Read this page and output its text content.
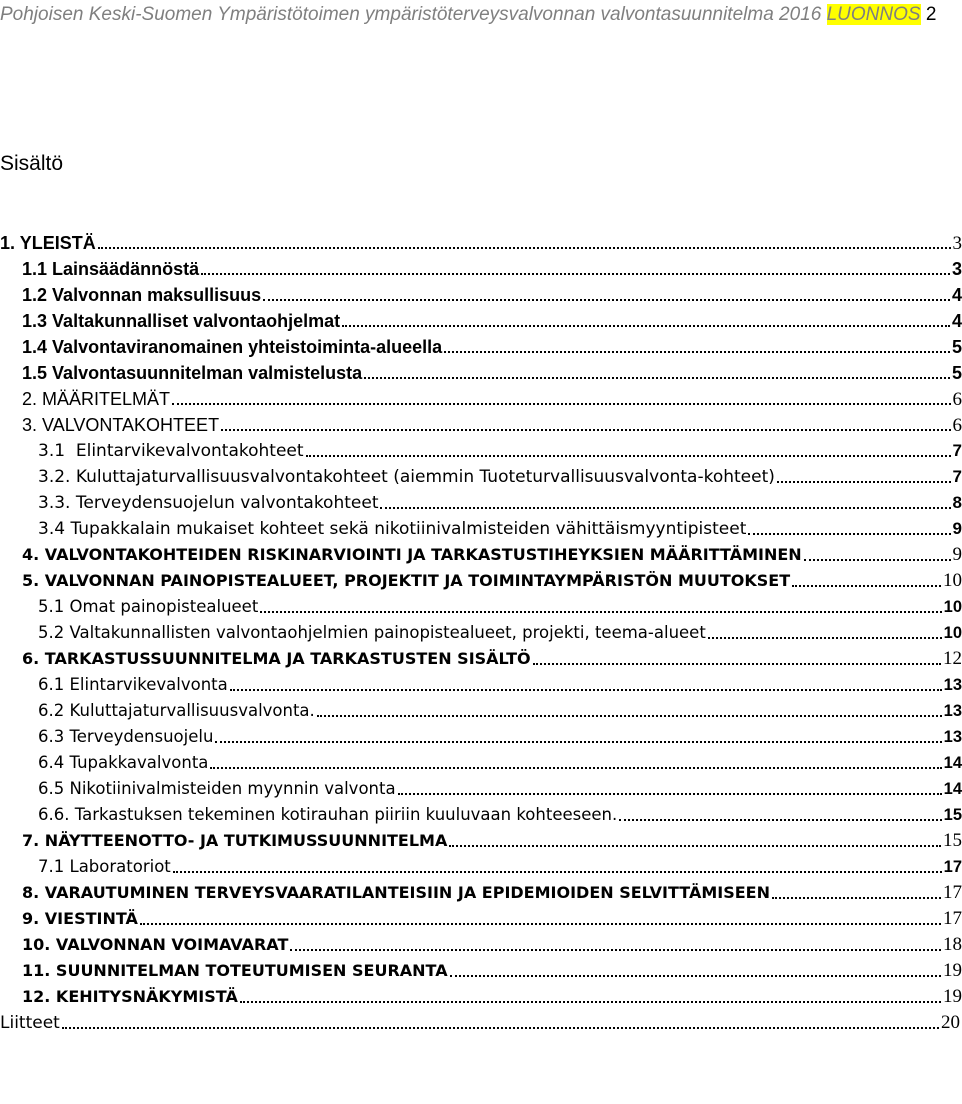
Pohjoisen Keski-Suomen Ympäristötoimen ympäristöterveysvalvonnan valvontasuunnitelma 2016 LUONNOS 2
Sisältö
1. YLEISTÄ	3
1.1 Lainsäädännöstä	3
1.2 Valvonnan maksullisuus	4
1.3 Valtakunnalliset valvontaohjelmat	4
1.4 Valvontaviranomainen yhteistoiminta-alueella	5
1.5 Valvontasuunnitelman valmistelusta	5
2. MÄÄRITELMÄT	6
3. VALVONTAKOHTEET	6
3.1 Elintarvikevalvontakohteet	7
3.2. Kuluttajaturvallisuusvalvontakohteet (aiemmin Tuoteturvallisuusvalvonta-kohteet)	7
3.3. Terveydensuojelun valvontakohteet	8
3.4 Tupakkalain mukaiset kohteet sekä nikotiinivalmisteiden vähittäismyyntipisteet	9
4. VALVONTAKOHTEIDEN RISKINARVIOINTI JA TARKASTUSTIHEYKSIEN MÄÄRITTÄMINEN	9
5. VALVONNAN PAINOPISTEALUEET, PROJEKTIT JA TOIMINTAYMPÄRISTÖN MUUTOKSET	10
5.1 Omat painopistealueet	10
5.2 Valtakunnallisten valvontaohjelmien painopistealueet, projekti, teema-alueet	10
6. TARKASTUSSUUNNITELMA JA TARKASTUSTEN SISÄLTÖ	12
6.1 Elintarvikevalvonta	13
6.2 Kuluttajaturvallisuusvalvonta.	13
6.3 Terveydensuojelu	13
6.4 Tupakkavalvonta	14
6.5 Nikotiinivalmisteiden myynnin valvonta	14
6.6. Tarkastuksen tekeminen kotirauhan piiriin kuuluvaan kohteeseen.	15
7. NÄYTTEENOTTO- JA TUTKIMUSSUUNNITELMA	15
7.1 Laboratoriot	17
8. VARAUTUMINEN TERVEYSVAARATILANTEISIIN JA EPIDEMIOIDEN SELVITTÄMISEEN	17
9. VIESTINTÄ	17
10. VALVONNAN VOIMAVARAT	18
11. SUUNNITELMAN TOTEUTUMISEN SEURANTA	19
12. KEHITYSNÄKYMISTÄ	19
Liitteet	20
